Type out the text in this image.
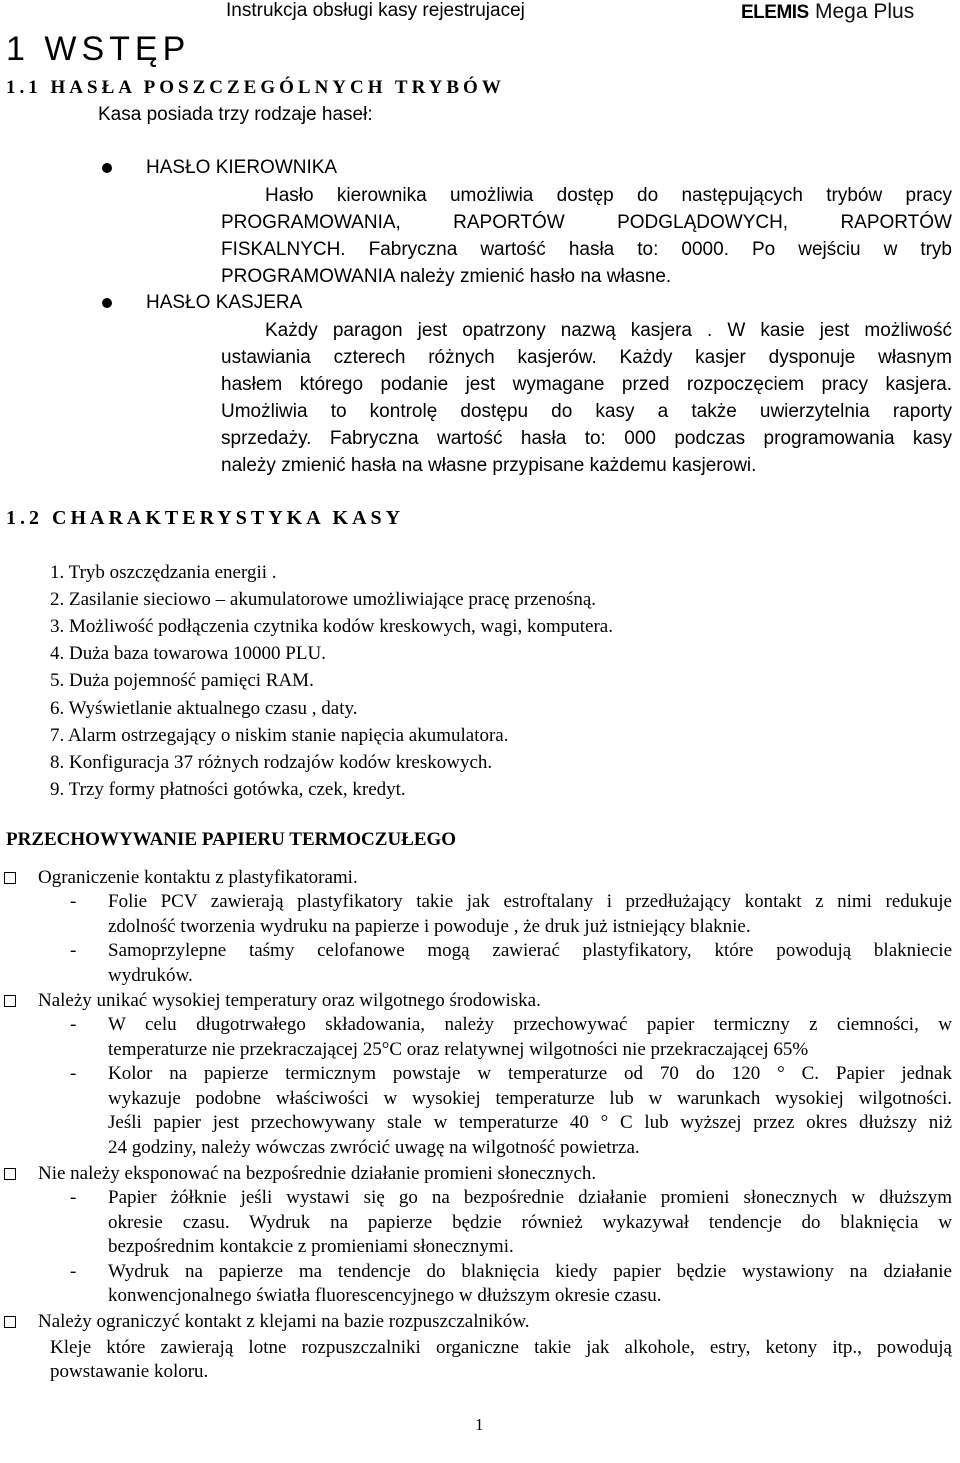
Instrukcja obsługi kasy rejestrujacej	ELEMIS Mega Plus
1 WSTĘP
1.1 HASŁA POSZCZEGÓLNYCH TRYBÓW
Kasa posiada trzy rodzaje haseł:
HASŁO KIEROWNIKA
Hasło kierownika umożliwia dostęp do następujących trybów pracy
PROGRAMOWANIA, RAPORTÓW PODGLĄDOWYCH, RAPORTÓW
FISKALNYCH. Fabryczna wartość hasła to: 0000. Po wejściu w tryb
PROGRAMOWANIA należy zmienić hasło na własne.
HASŁO KASJERA
Każdy paragon jest opatrzony nazwą kasjera . W kasie jest możliwość
ustawiania czterech różnych kasjerów. Każdy kasjer dysponuje własnym
hasłem którego podanie jest wymagane przed rozpoczęciem pracy kasjera.
Umożliwia to kontrolę dostępu do kasy a także uwierzytelnia raporty
sprzedaży. Fabryczna wartość hasła to: 000 podczas programowania kasy
należy zmienić hasła na własne przypisane każdemu kasjerowi.
1.2 CHARAKTERYSTYKA KASY
1. Tryb oszczędzania energii .
2. Zasilanie sieciowo – akumulatorowe umożliwiające pracę przenośną.
3. Możliwość podłączenia czytnika kodów kreskowych, wagi, komputera.
4. Duża baza towarowa 10000 PLU.
5. Duża pojemność pamięci RAM.
6. Wyświetlanie aktualnego czasu , daty.
7. Alarm ostrzegający o niskim stanie napięcia akumulatora.
8. Konfiguracja 37 różnych rodzajów kodów kreskowych.
9. Trzy formy płatności gotówka, czek, kredyt.
PRZECHOWYWANIE PAPIERU TERMOCZUŁEGO
Ograniczenie kontaktu z plastyfikatorami.
- Folie PCV zawierają plastyfikatory takie jak estroftalany i przedłużający kontakt z nimi redukuje
zdolność tworzenia wydruku na papierze i powoduje , że druk już istniejący blaknie.
- Samoprzylepne taśmy celofanowe mogą zawierać plastyfikatory, które powodują blakniecie
wydruków.
Należy unikać wysokiej temperatury oraz wilgotnego środowiska.
- W celu długotrwałego składowania, należy przechowywać papier termiczny z ciemności, w
temperaturze nie przekraczającej 25°C oraz relatywnej wilgotności nie przekraczającej 65%
- Kolor na papierze termicznym powstaje w temperaturze od 70 do 120 ° C. Papier jednak
wykazuje podobne właściwości w wysokiej temperaturze lub w warunkach wysokiej wilgotności.
Jeśli papier jest przechowywany stale w temperaturze 40 ° C lub wyższej przez okres dłuższy niż
24 godziny, należy wówczas zwrócić uwagę na wilgotność powietrza.
Nie należy eksponować na bezpośrednie działanie promieni słonecznych.
- Papier żółknie jeśli wystawi się go na bezpośrednie działanie promieni słonecznych w dłuższym
okresie czasu. Wydruk na papierze będzie również wykazywał tendencje do blaknięcia w
bezpośrednim kontakcie z promieniami słonecznymi.
- Wydruk na papierze ma tendencje do blaknięcia kiedy papier będzie wystawiony na działanie
konwencjonalnego światła fluorescencyjnego w dłuższym okresie czasu.
Należy ograniczyć kontakt z klejami na bazie rozpuszczalników.
Kleje które zawierają lotne rozpuszczalniki organiczne takie jak alkohole, estry, ketony itp., powodują
powstawanie koloru.
1
